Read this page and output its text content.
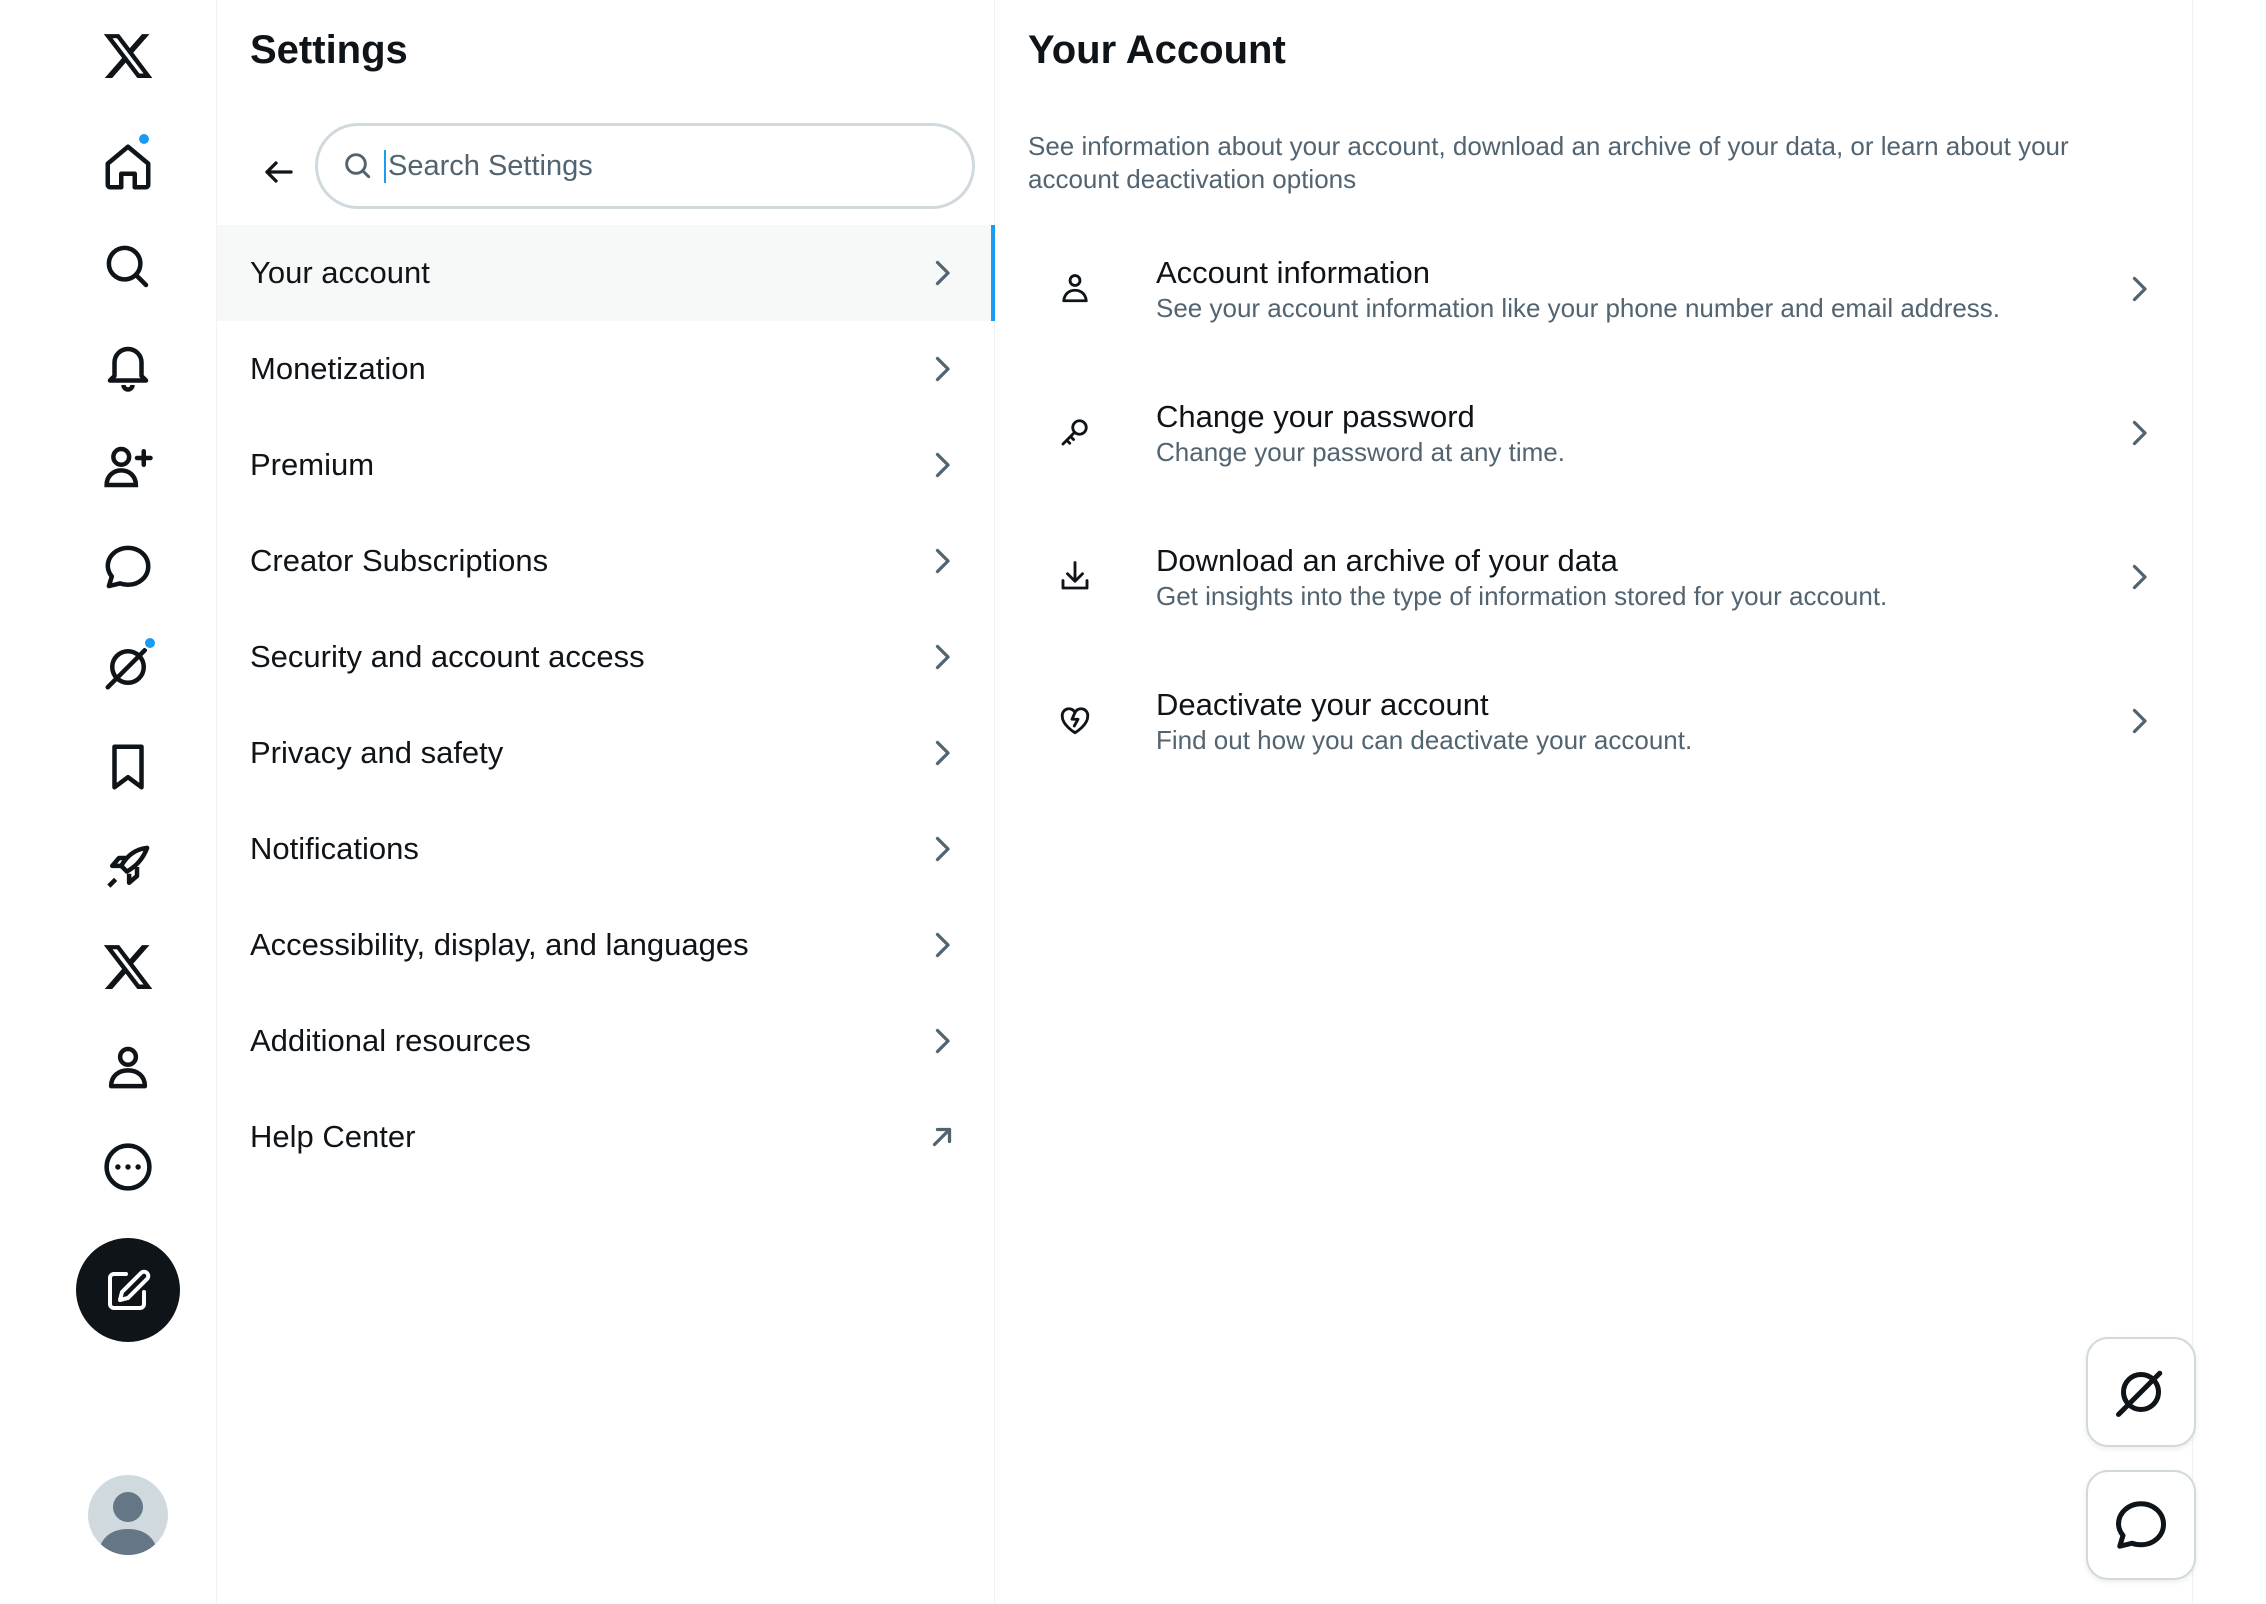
Settings
Search Settings
Your account
Monetization
Premium
Creator Subscriptions
Security and account access
Privacy and safety
Notifications
Accessibility, display, and languages
Additional resources
Help Center
Your Account

See information about your account, download an archive of your data, or learn about your account deactivation options

Account information
See your account information like your phone number and email address.
Change your password
Change your password at any time.
Download an archive of your data
Get insights into the type of information stored for your account.
Deactivate your account
Find out how you can deactivate your account.
